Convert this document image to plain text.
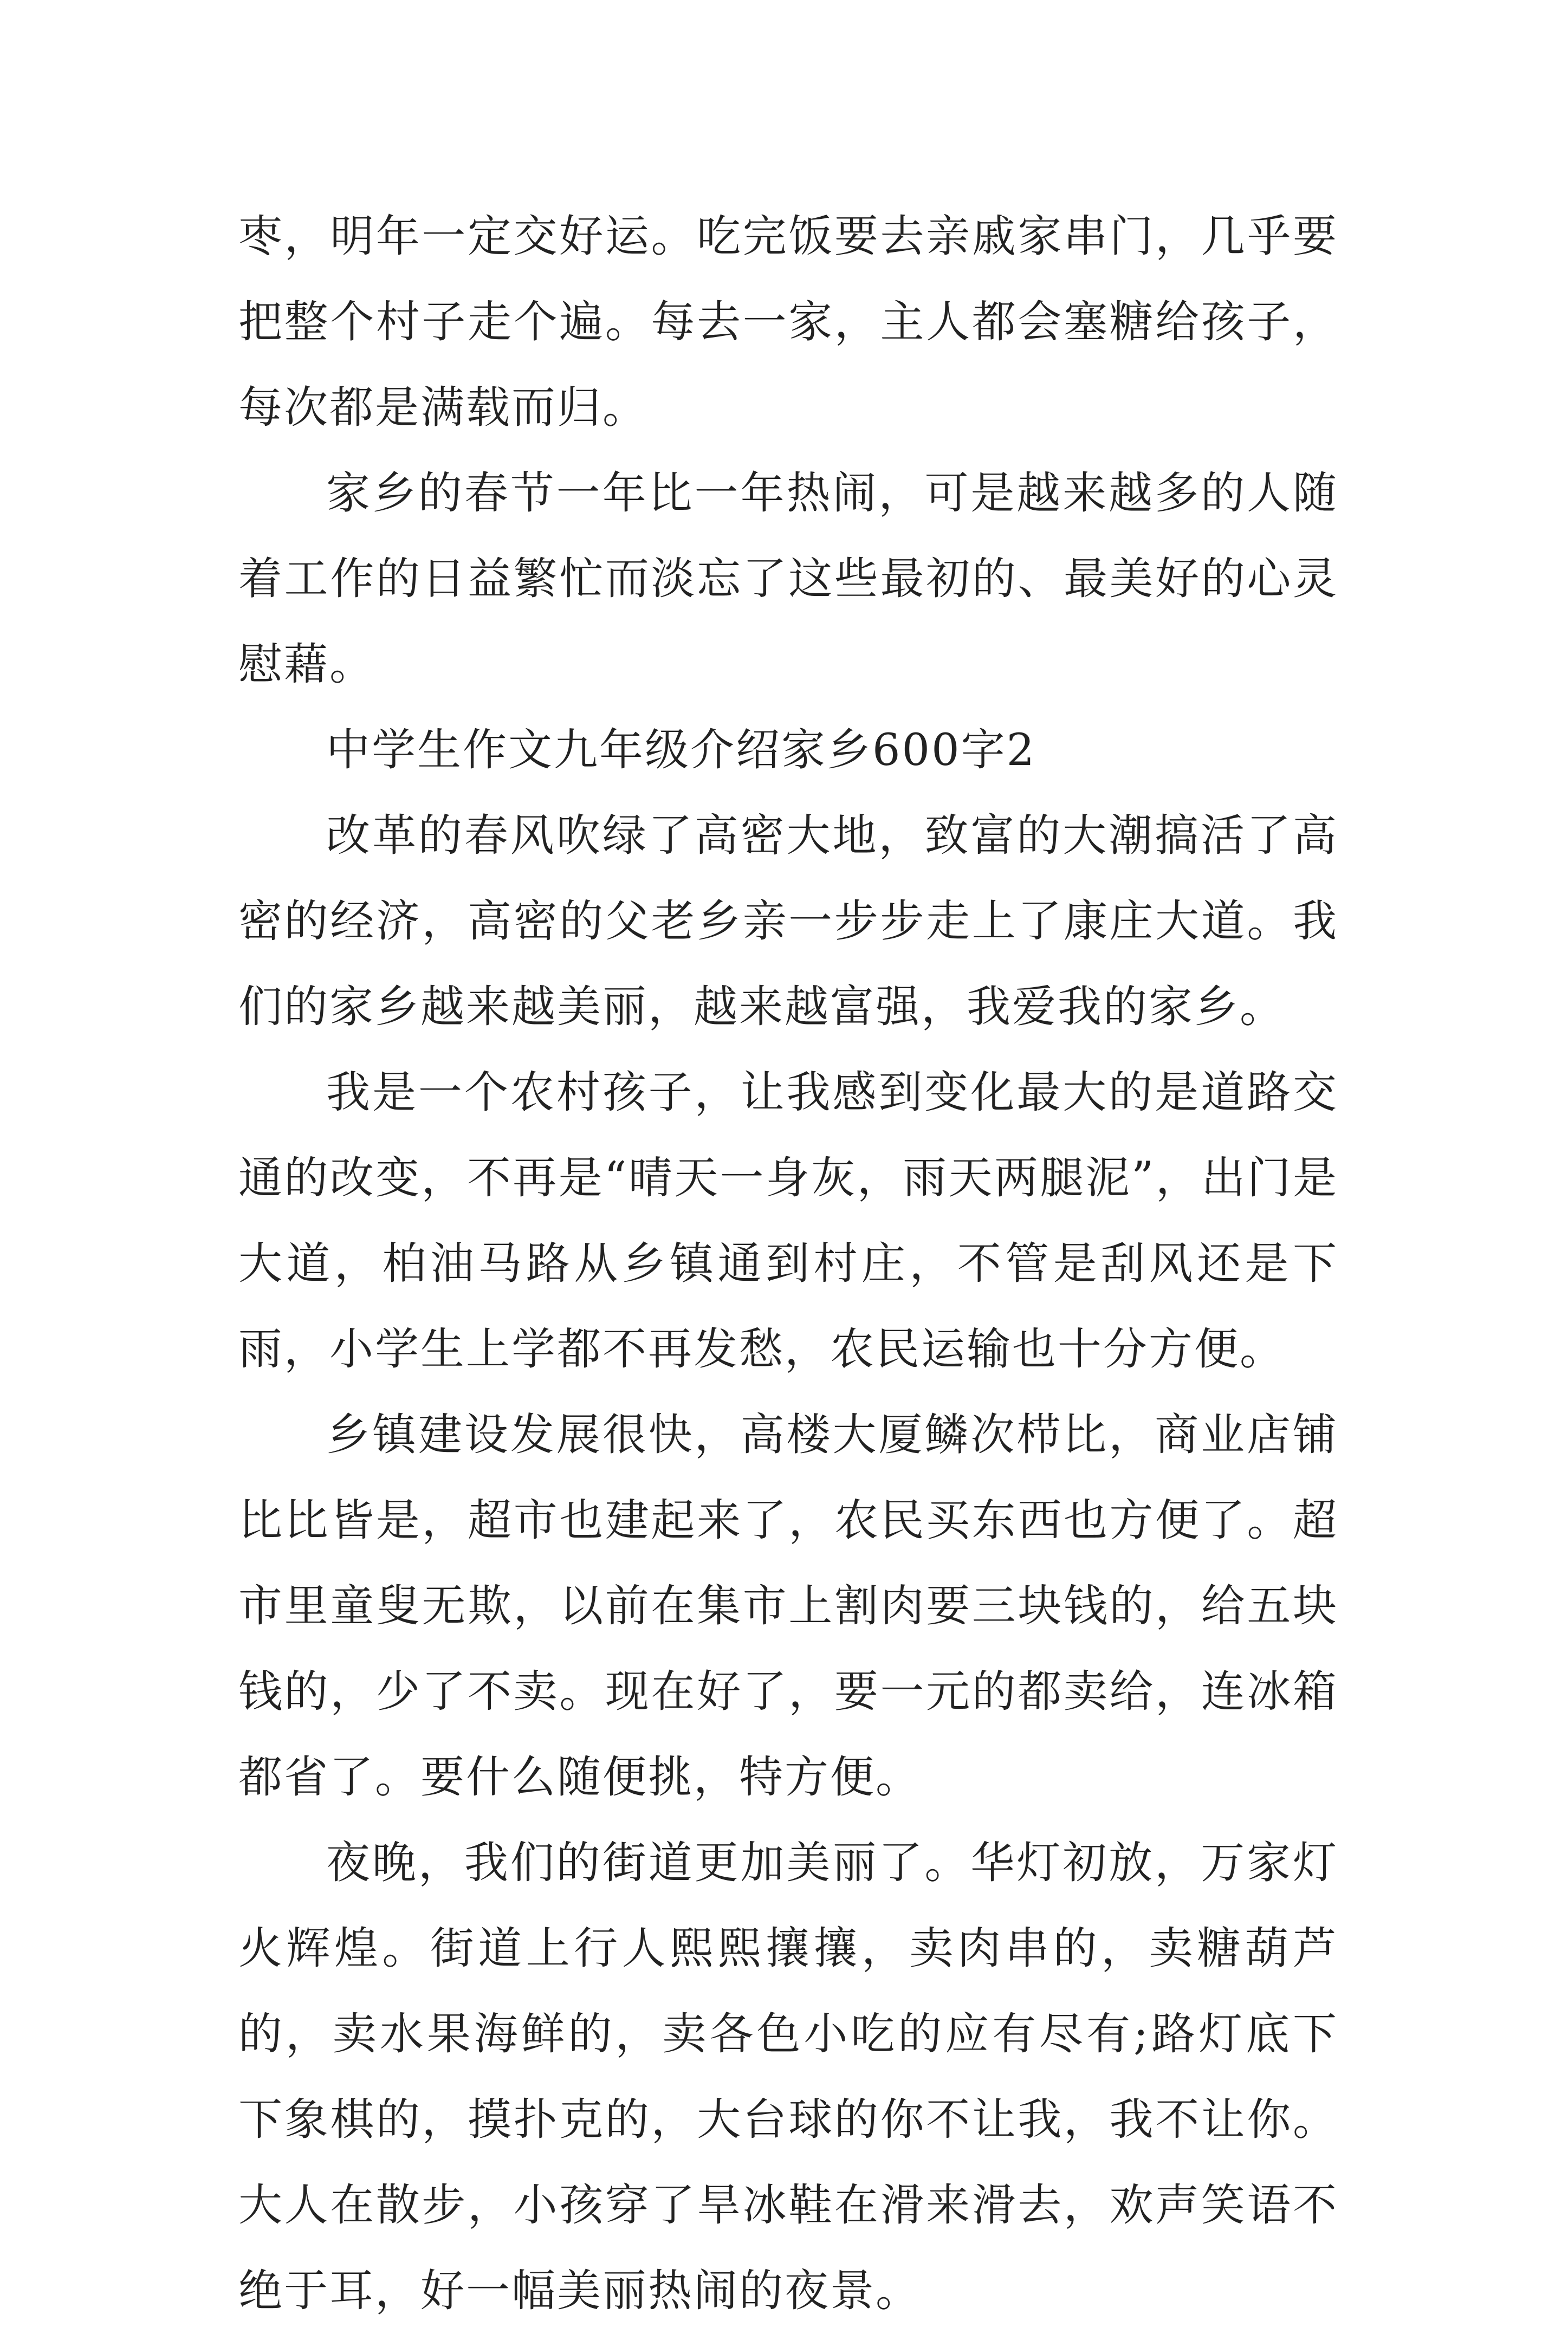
枣，明年一定交好运。吃完饭要去亲戚家串门，几乎要把整个村子走个遍。每去一家，主人都会塞糖给孩子，每次都是满载而归。

家乡的春节一年比一年热闹，可是越来越多的人随着工作的日益繁忙而淡忘了这些最初的、最美好的心灵慰藉。

中学生作文九年级介绍家乡600字2

改革的春风吹绿了高密大地，致富的大潮搞活了高密的经济，高密的父老乡亲一步步走上了康庄大道。我们的家乡越来越美丽，越来越富强，我爱我的家乡。

我是一个农村孩子，让我感到变化最大的是道路交通的改变，不再是“晴天一身灰，雨天两腿泥”，出门是大道，柏油马路从乡镇通到村庄，不管是刮风还是下雨，小学生上学都不再发愁，农民运输也十分方便。

乡镇建设发展很快，高楼大厦鳞次栉比，商业店铺比比皆是，超市也建起来了，农民买东西也方便了。超市里童叟无欺，以前在集市上割肉要三块钱的，给五块钱的，少了不卖。现在好了，要一元的都卖给，连冰箱都省了。要什么随便挑，特方便。

夜晚，我们的街道更加美丽了。华灯初放，万家灯火辉煌。街道上行人熙熙攘攘，卖肉串的，卖糖葫芦的，卖水果海鲜的，卖各色小吃的应有尽有;路灯底下下象棋的，摸扑克的，大台球的你不让我，我不让你。大人在散步，小孩穿了旱冰鞋在滑来滑去，欢声笑语不绝于耳，好一幅美丽热闹的夜景。
